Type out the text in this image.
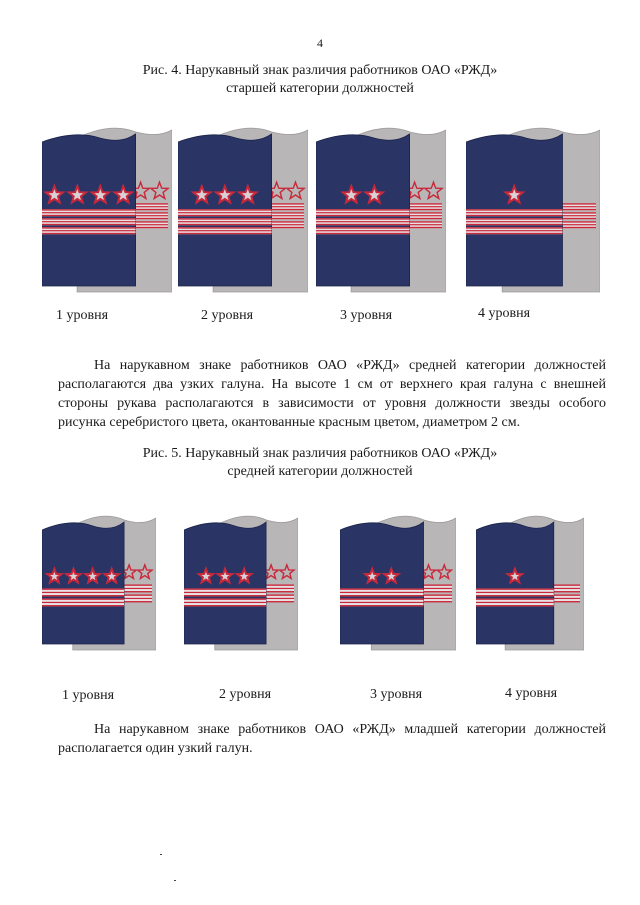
4
Рис. 4. Нарукавный знак различия работников ОАО «РЖД»
старшей категории должностей
1 уровня	2 уровня	3 уровня	4 уровня
На нарукавном знаке работников ОАО «РЖД» средней категории должностей располагаются два узких галуна. На высоте 1 см от верхнего края галуна с внешней стороны рукава располагаются в зависимости от уровня должности звезды особого рисунка серебристого цвета, окантованные красным цветом, диаметром 2 см.
Рис. 5. Нарукавный знак различия работников ОАО «РЖД»
средней категории должностей
1 уровня	2 уровня	3 уровня	4 уровня
На нарукавном знаке работников ОАО «РЖД» младшей категории должностей располагается один узкий галун.
